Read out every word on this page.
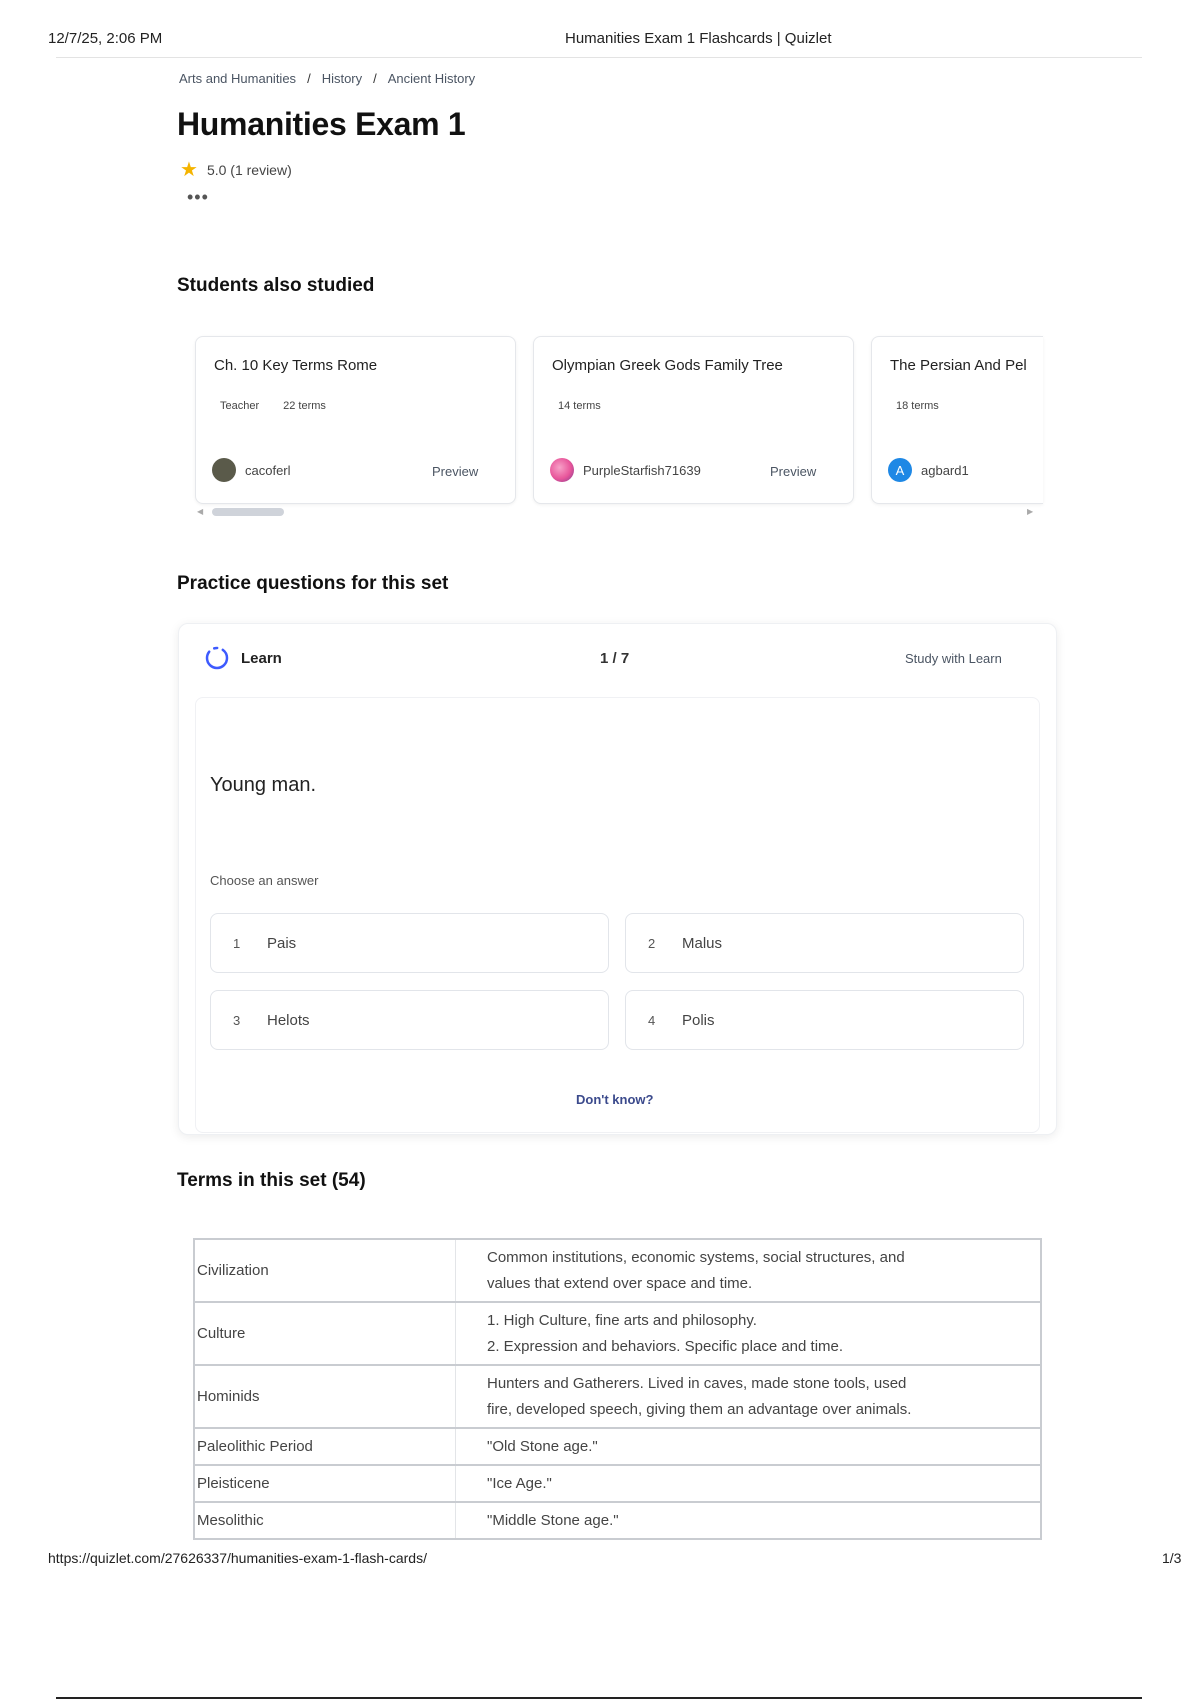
12/7/25, 2:06 PM	Humanities Exam 1 Flashcards | Quizlet
Arts and Humanities / History / Ancient History
Humanities Exam 1
★ 5.0 (1 review)
•••
Students also studied
Ch. 10 Key Terms Rome
Teacher 22 terms
cacoferl	Preview
Olympian Greek Gods Family Tree
14 terms
PurpleStarfish71639	Preview
The Persian And Pel
18 terms
A	agbard1
◀	▶
Practice questions for this set
Learn	1 / 7	Study with Learn
Young man.
Choose an answer
1	Pais	2	Malus
3	Helots	4	Polis
Don't know?
Terms in this set (54)
Civilization	Common institutions, economic systems, social structures, and
values that extend over space and time.

Culture	1. High Culture, fine arts and philosophy.
2. Expression and behaviors. Specific place and time.

Hominids	Hunters and Gatherers. Lived in caves, made stone tools, used
fire, developed speech, giving them an advantage over animals.

Paleolithic Period	"Old Stone age."
Pleisticene	"Ice Age."
Mesolithic	"Middle Stone age."
https://quizlet.com/27626337/humanities-exam-1-flash-cards/	1/3
